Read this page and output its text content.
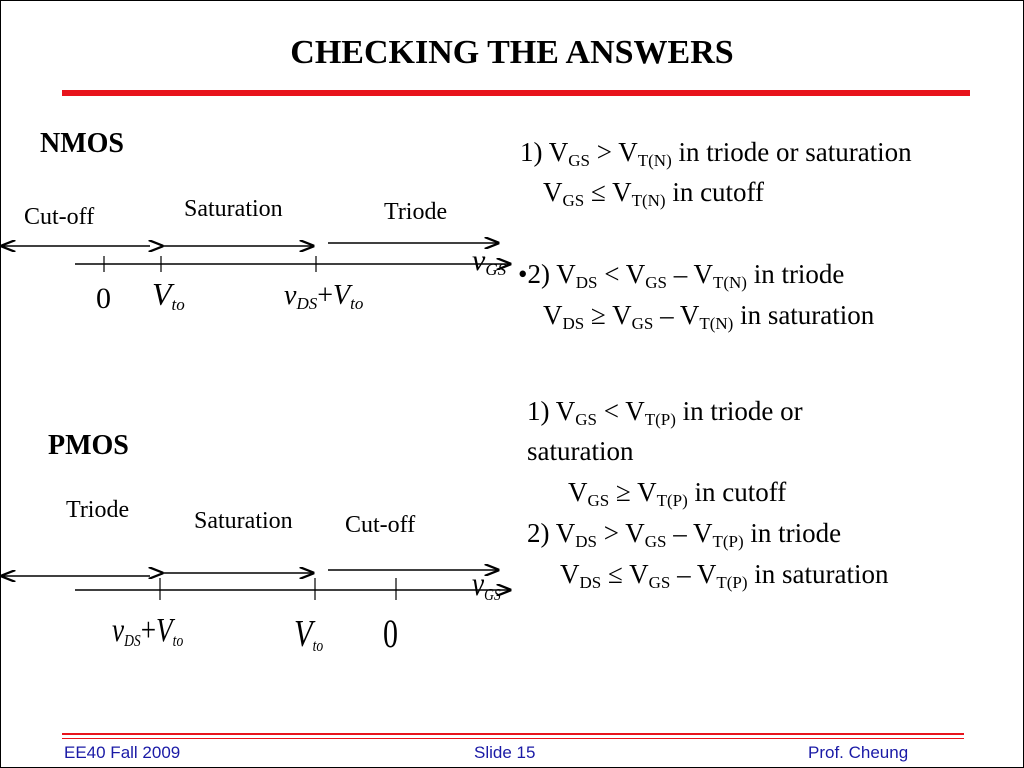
CHECKING THE ANSWERS
NMOS
Cut-off	Saturation	Triode
0 $V_{to}$	$v_{DS}+V_{to}$
$v_{GS}$
PMOS
Triode	Saturation Cut-off
$v_{DS}+V_{to}$	$V_{to}$ 0
$v_{GS}$
1) $V_{GS} > V_{T(N)}$ in triode or saturation
$V_{GS} \le V_{T(N)}$ in cutoff
•2) $V_{DS} < V_{GS} - V_{T(N)}$ in triode
$V_{DS} \ge V_{GS} - V_{T(N)}$ in saturation
1) $V_{GS} < V_{T(P)}$ in triode or
saturation
$V_{GS} \ge V_{T(P)}$ in cutoff
2) $V_{DS} > V_{GS} - V_{T(P)}$ in triode
$V_{DS} \le V_{GS} - V_{T(P)}$ in saturation
EE40 Fall 2009	Slide 15	Prof. Cheung
